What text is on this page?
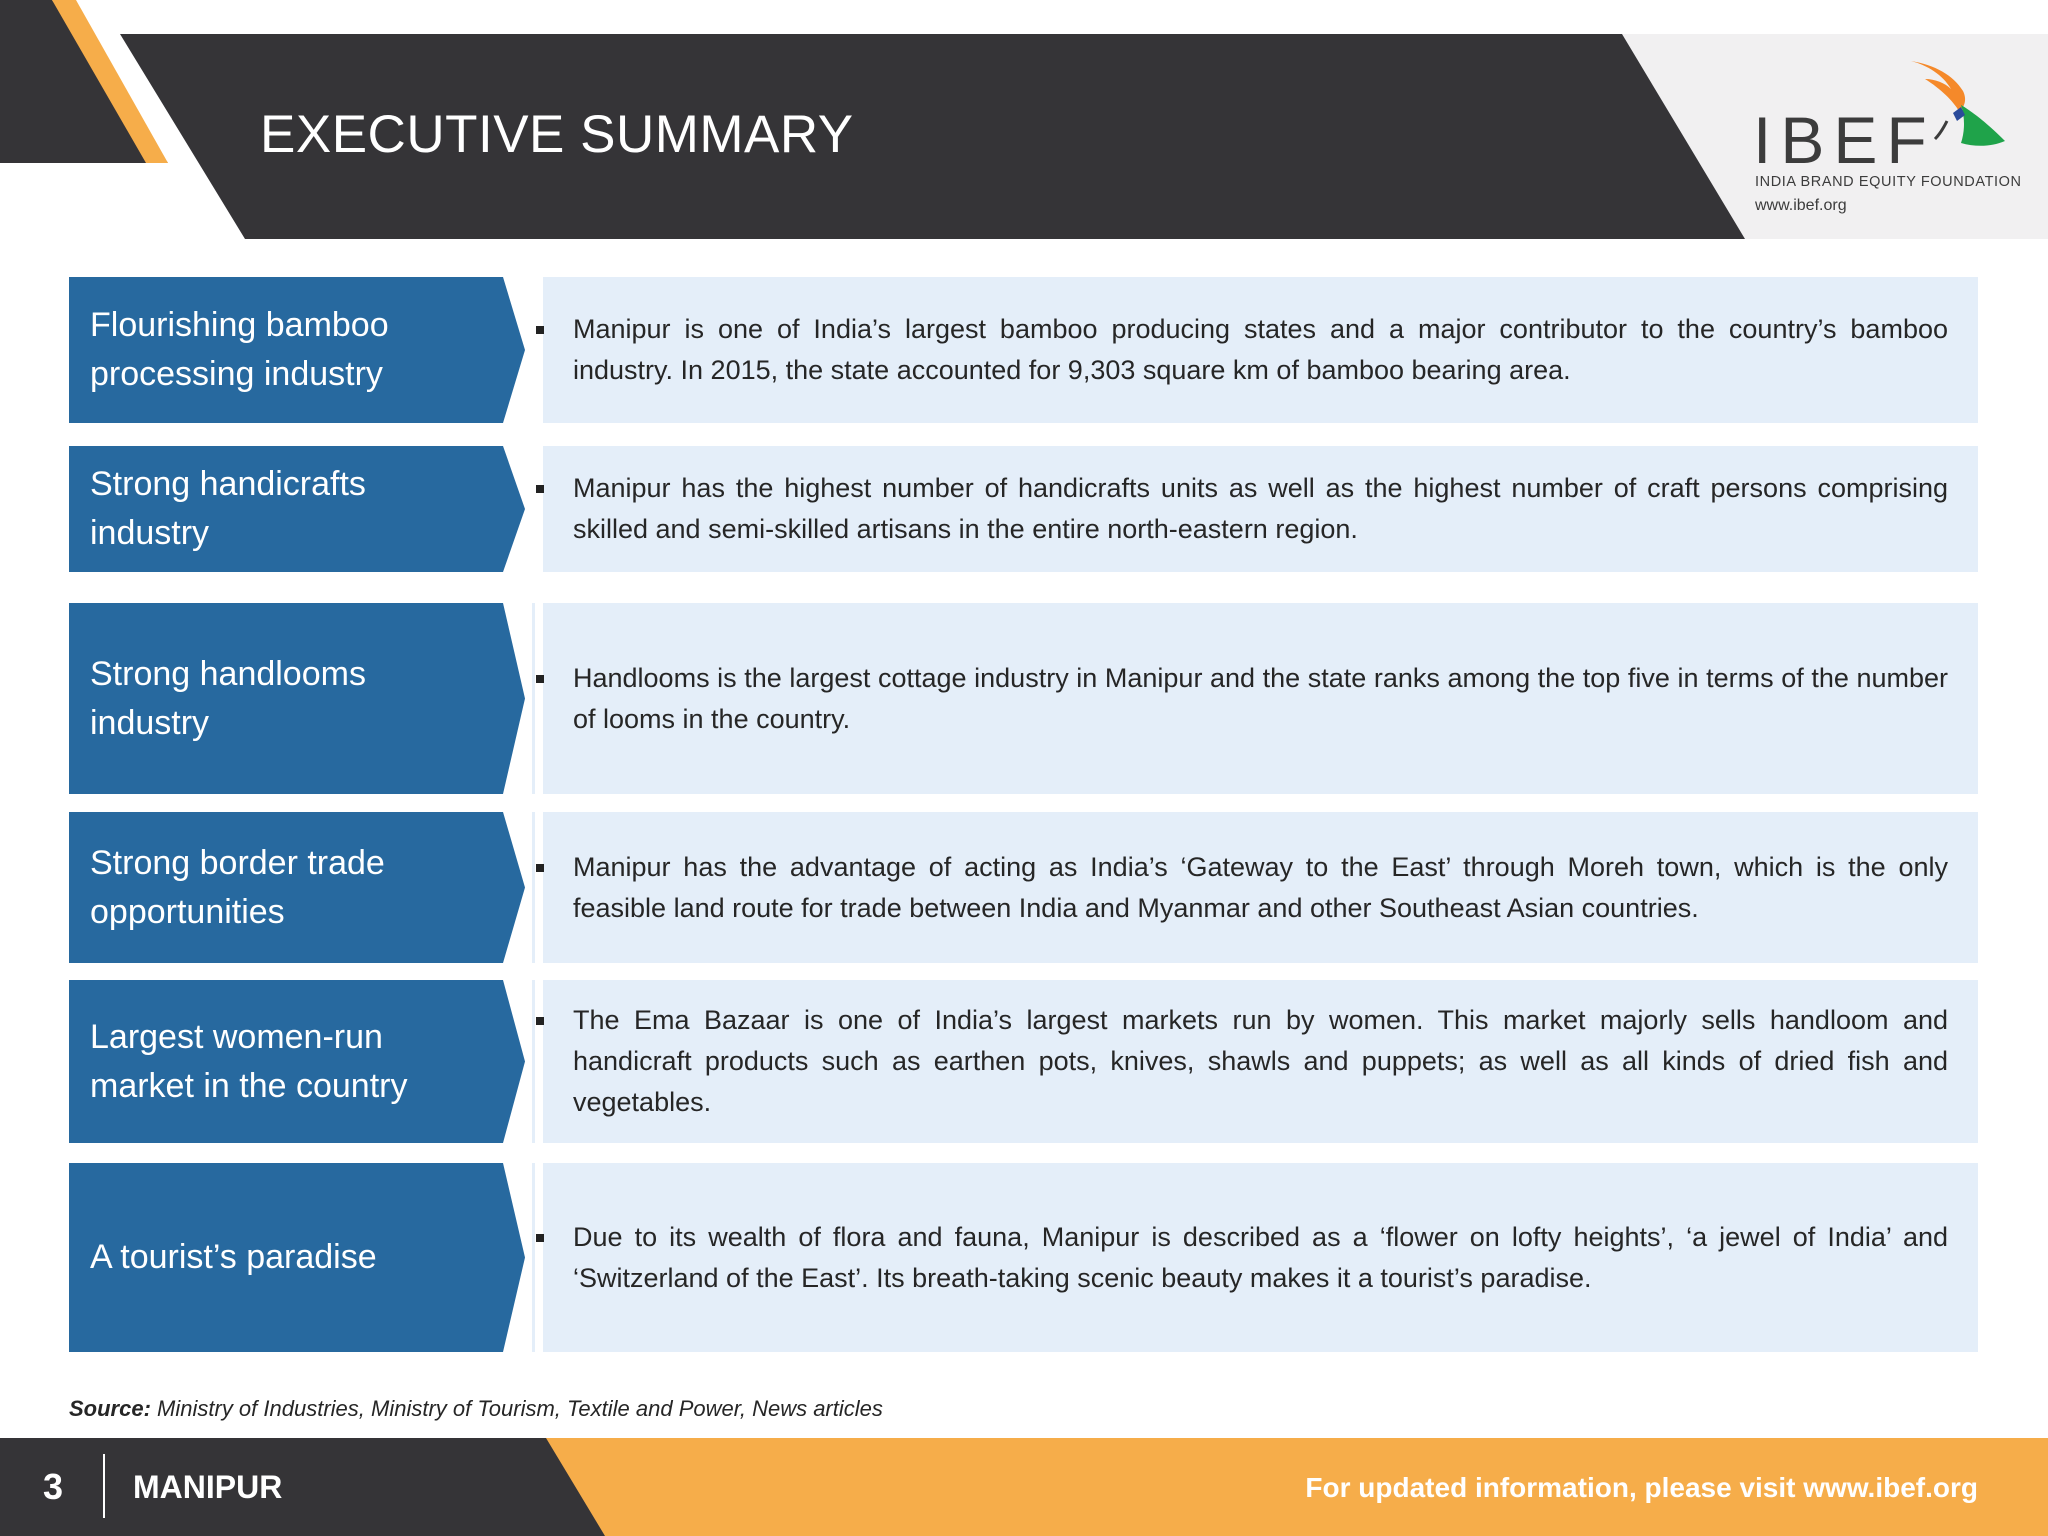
EXECUTIVE SUMMARY	IBEF
INDIA BRAND EQUITY FOUNDATION
www.ibef.org
Flourishing bamboo processing industry

Manipur is one of India’s largest bamboo producing states and a major contributor to the country’s bamboo industry. In 2015, the state accounted for 9,303 square km of bamboo bearing area.

Strong handicrafts industry

Manipur has the highest number of handicrafts units as well as the highest number of craft persons comprising skilled and semi-skilled artisans in the entire north-eastern region.

Strong handlooms industry

Handlooms is the largest cottage industry in Manipur and the state ranks among the top five in terms of the number of looms in the country.

Strong border trade opportunities

Manipur has the advantage of acting as India’s ‘Gateway to the East’ through Moreh town, which is the only feasible land route for trade between India and Myanmar and other Southeast Asian countries.

Largest women-run market in the country

The Ema Bazaar is one of India’s largest markets run by women. This market majorly sells handloom and handicraft products such as earthen pots, knives, shawls and puppets; as well as all kinds of dried fish and vegetables.

A tourist’s paradise

Due to its wealth of flora and fauna, Manipur is described as a ‘flower on lofty heights’, ‘a jewel of India’ and ‘Switzerland of the East’. Its breath-taking scenic beauty makes it a tourist’s paradise.

Source: Ministry of Industries, Ministry of Tourism, Textile and Power, News articles
3 MANIPUR	For updated information, please visit www.ibef.org
